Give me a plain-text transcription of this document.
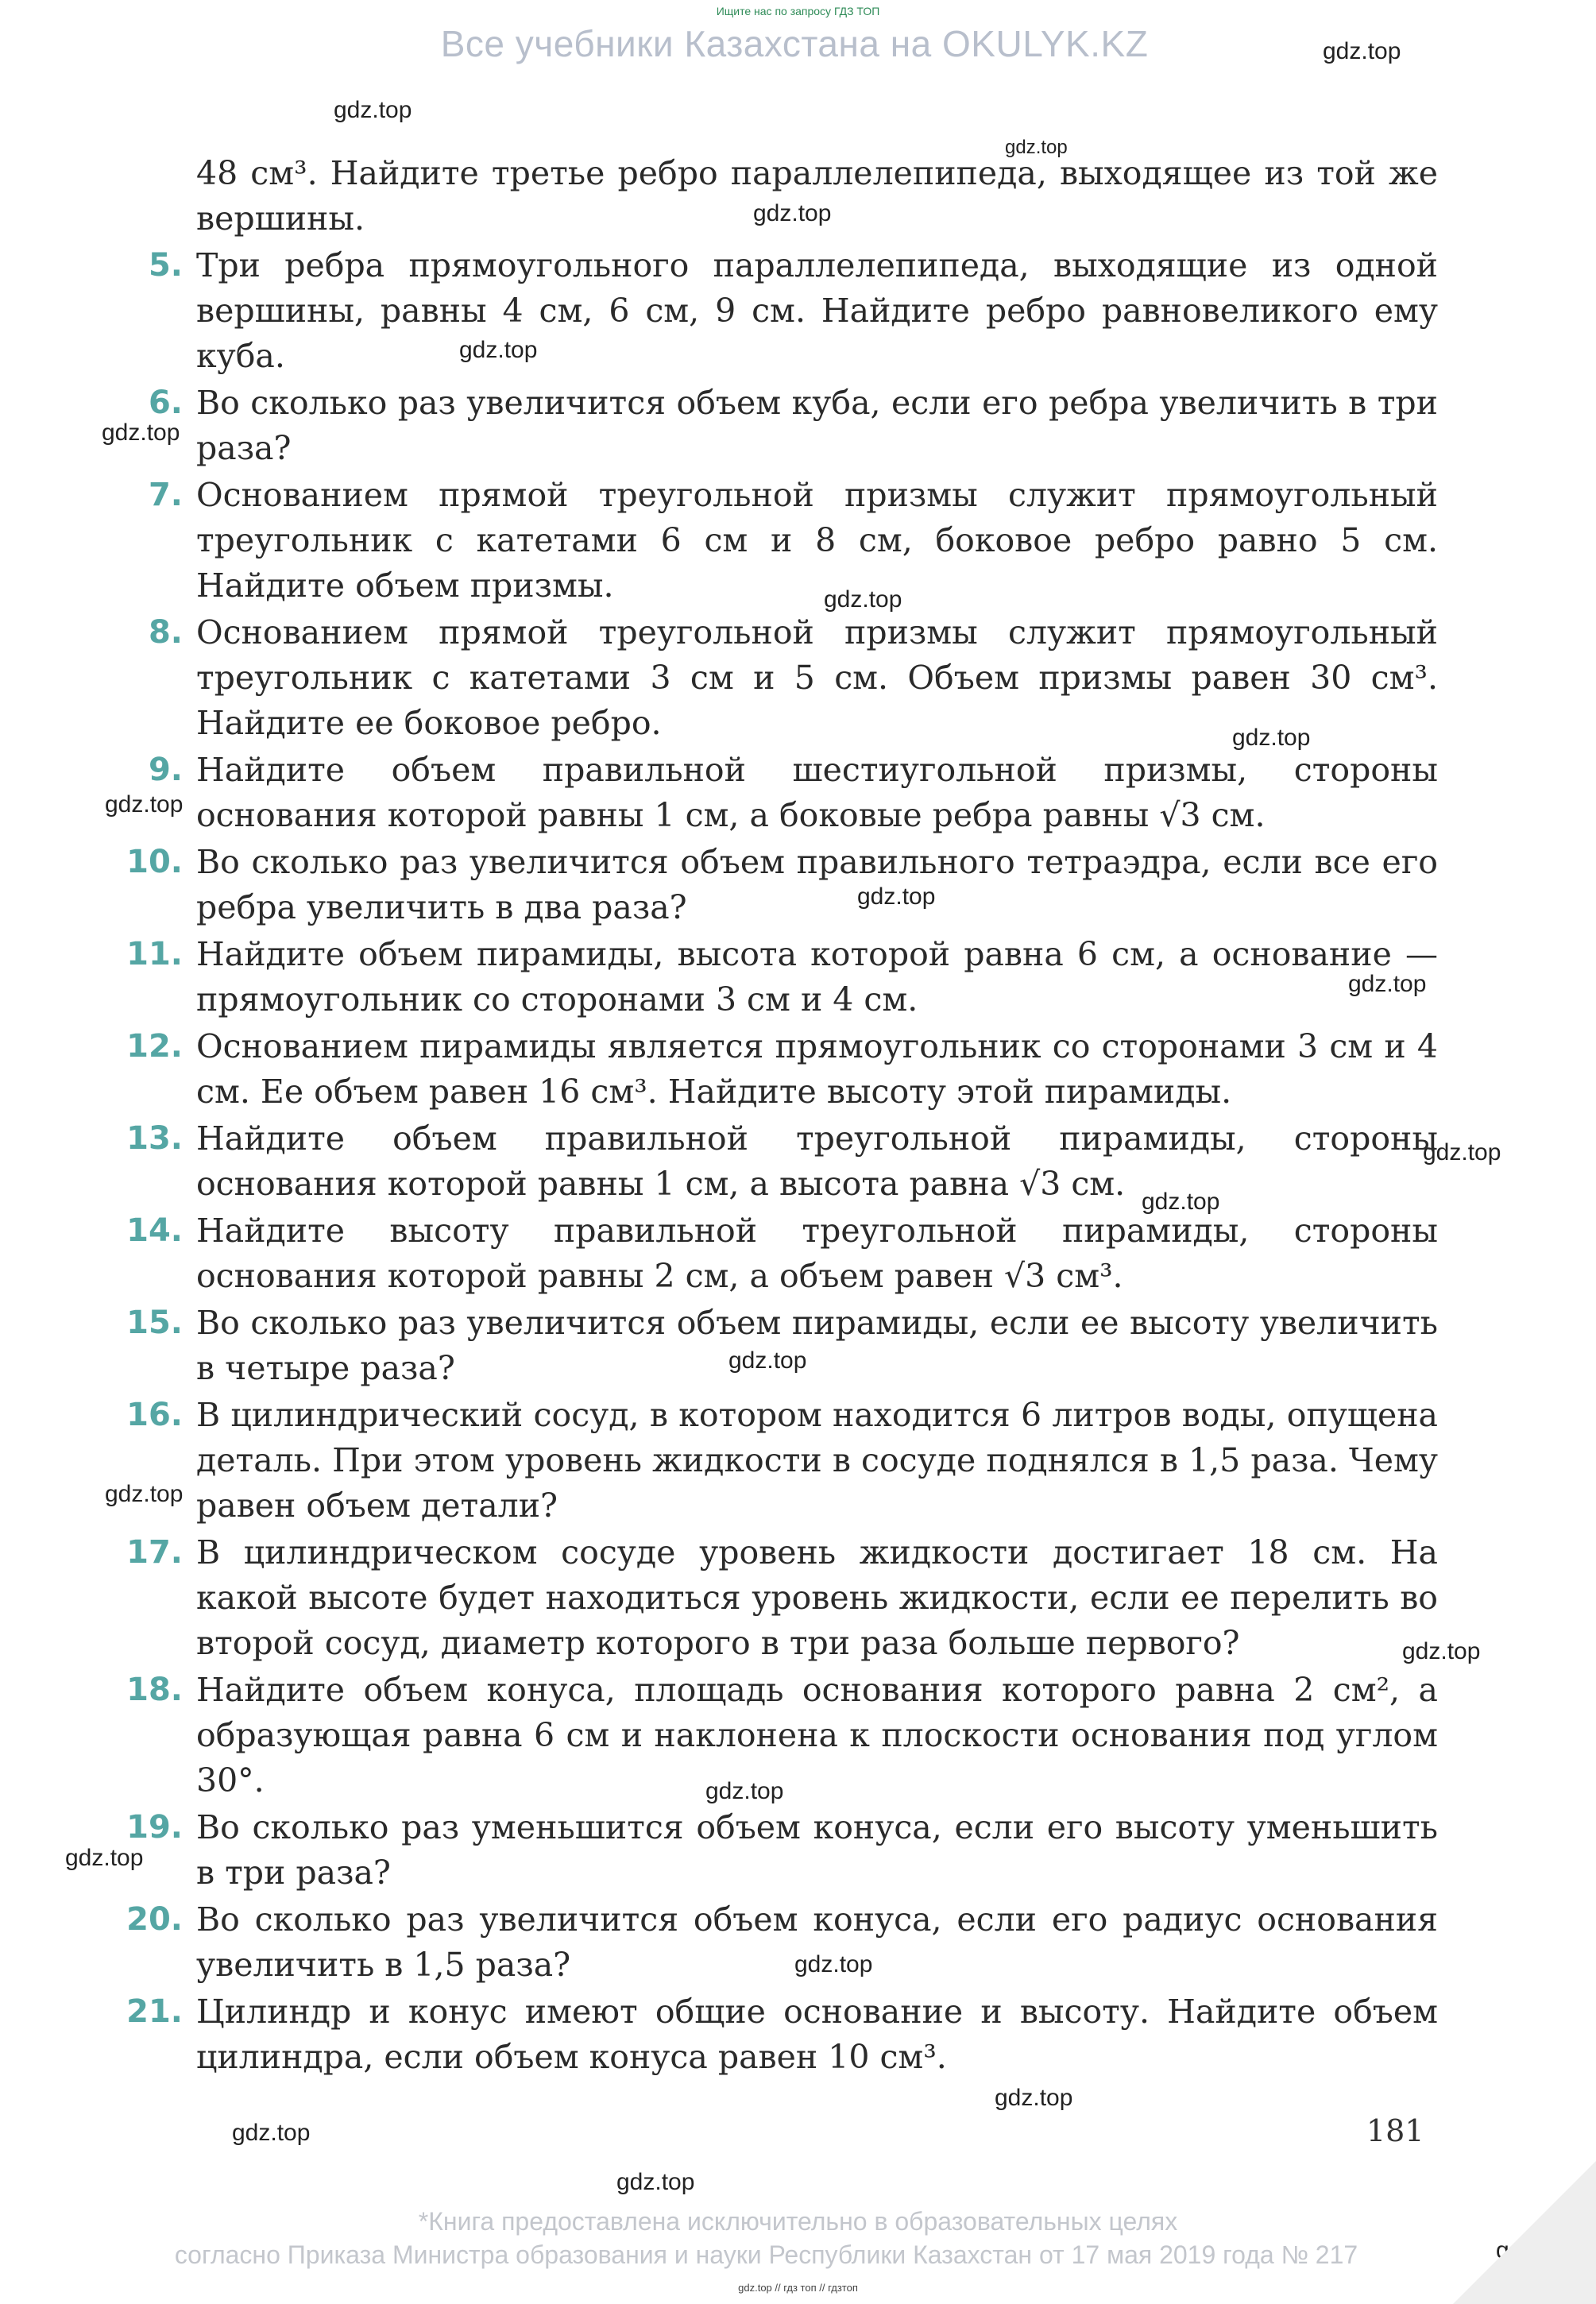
Ищите нас по запросу ГДЗ ТОП
Все учебники Казахстана на OKULYK.KZ	gdz.top
gdz.top
gdz.top
gdz.top
gdz.top
gdz.top
gdz.top
gdz.top
gdz.top
gdz.top
gdz.top
gdz.top
gdz.top
gdz.top
gdz.top
gdz.top
gdz.top
gdz.top
gdz.top
gdz.top
gdz.top
gdz.top
gdz.top

48 см³. Найдите третье ребро параллелепипеда, выходящее из той же вершины.

5. Три ребра прямоугольного параллелепипеда, выходящие из одной вершины, равны 4 см, 6 см, 9 см. Найдите ребро равновеликого ему куба.
6. Во сколько раз увеличится объем куба, если его ребра увеличить в три раза?
7. Основанием прямой треугольной призмы служит прямоугольный треугольник с катетами 6 см и 8 см, боковое ребро равно 5 см. Найдите объем призмы.
8. Основанием прямой треугольной призмы служит прямоугольный треугольник с катетами 3 см и 5 см. Объем призмы равен 30 см³. Найдите ее боковое ребро.
9. Найдите объем правильной шестиугольной призмы, стороны основания которой равны 1 см, а боковые ребра равны √3 см.
10. Во сколько раз увеличится объем правильного тетраэдра, если все его ребра увеличить в два раза?
11. Найдите объем пирамиды, высота которой равна 6 см, а основание — прямоугольник со сторонами 3 см и 4 см.
12. Основанием пирамиды является прямоугольник со сторонами 3 см и 4 см. Ее объем равен 16 см³. Найдите высоту этой пирамиды.
13. Найдите объем правильной треугольной пирамиды, стороны основания которой равны 1 см, а высота равна √3 см.
14. Найдите высоту правильной треугольной пирамиды, стороны основания которой равны 2 см, а объем равен √3 см³.
15. Во сколько раз увеличится объем пирамиды, если ее высоту увеличить в четыре раза?
16. В цилиндрический сосуд, в котором находится 6 литров воды, опущена деталь. При этом уровень жидкости в сосуде поднялся в 1,5 раза. Чему равен объем детали?
17. В цилиндрическом сосуде уровень жидкости достигает 18 см. На какой высоте будет находиться уровень жидкости, если ее перелить во второй сосуд, диаметр которого в три раза больше первого?
18. Найдите объем конуса, площадь основания которого равна 2 см², а образующая равна 6 см и наклонена к плоскости основания под углом 30°.
19. Во сколько раз уменьшится объем конуса, если его высоту уменьшить в три раза?
20. Во сколько раз увеличится объем конуса, если его радиус основания увеличить в 1,5 раза?
21. Цилиндр и конус имеют общие основание и высоту. Найдите объем цилиндра, если объем конуса равен 10 см³.
181
*Книга предоставлена исключительно в образовательных целях
согласно Приказа Министра образования и науки Республики Казахстан от 17 мая 2019 года № 217
gdz.top // гдз топ // гдзтоп
